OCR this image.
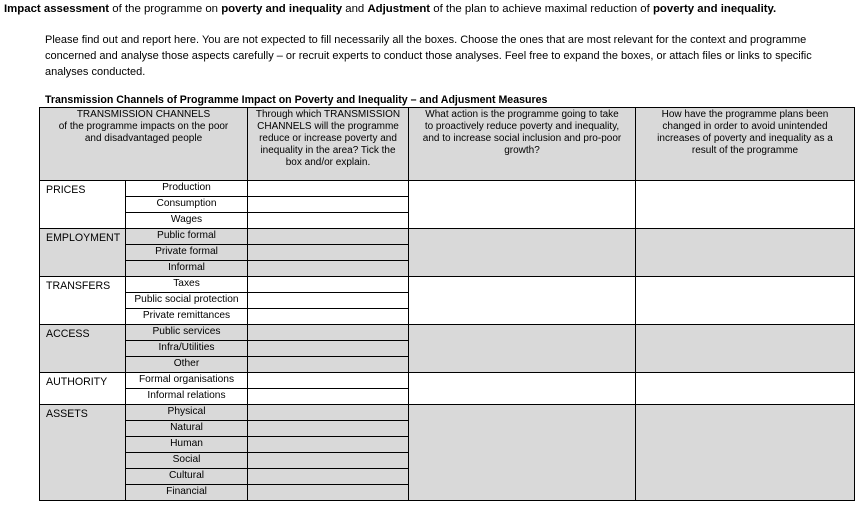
Impact assessment of the programme on poverty and inequality and Adjustment of the plan to achieve maximal reduction of poverty and inequality.
Please find out and report here. You are not expected to fill necessarily all the boxes. Choose the ones that are most relevant for the context and programme concerned and analyse those aspects carefully – or recruit experts to conduct those analyses. Feel free to expand the boxes, or attach files or links to specific analyses conducted.
Transmission Channels of Programme Impact on Poverty and Inequality – and Adjusment Measures
TRANSMISSION CHANNELS
of the programme impacts on the poor
and disadvantaged people		Through which TRANSMISSION
CHANNELS will the programme
reduce or increase poverty and
inequality in the area? Tick the
box and/or explain.	What action is the programme going to take
to proactively reduce poverty and inequality,
and to increase social inclusion and pro-poor
growth?	How have the programme plans been
changed in order to avoid unintended
increases of poverty and inequality as a
result of the programme

PRICES	Production			
	Consumption			
	Wages			
EMPLOYMENT	Public formal			
	Private formal			
	Informal			
TRANSFERS	Taxes			
	Public social protection			
	Private remittances			
ACCESS	Public services			
	Infra/Utilities			
	Other			
AUTHORITY	Formal organisations			
	Informal relations			
ASSETS	Physical			
	Natural			
	Human			
	Social			
	Cultural			
	Financial			
